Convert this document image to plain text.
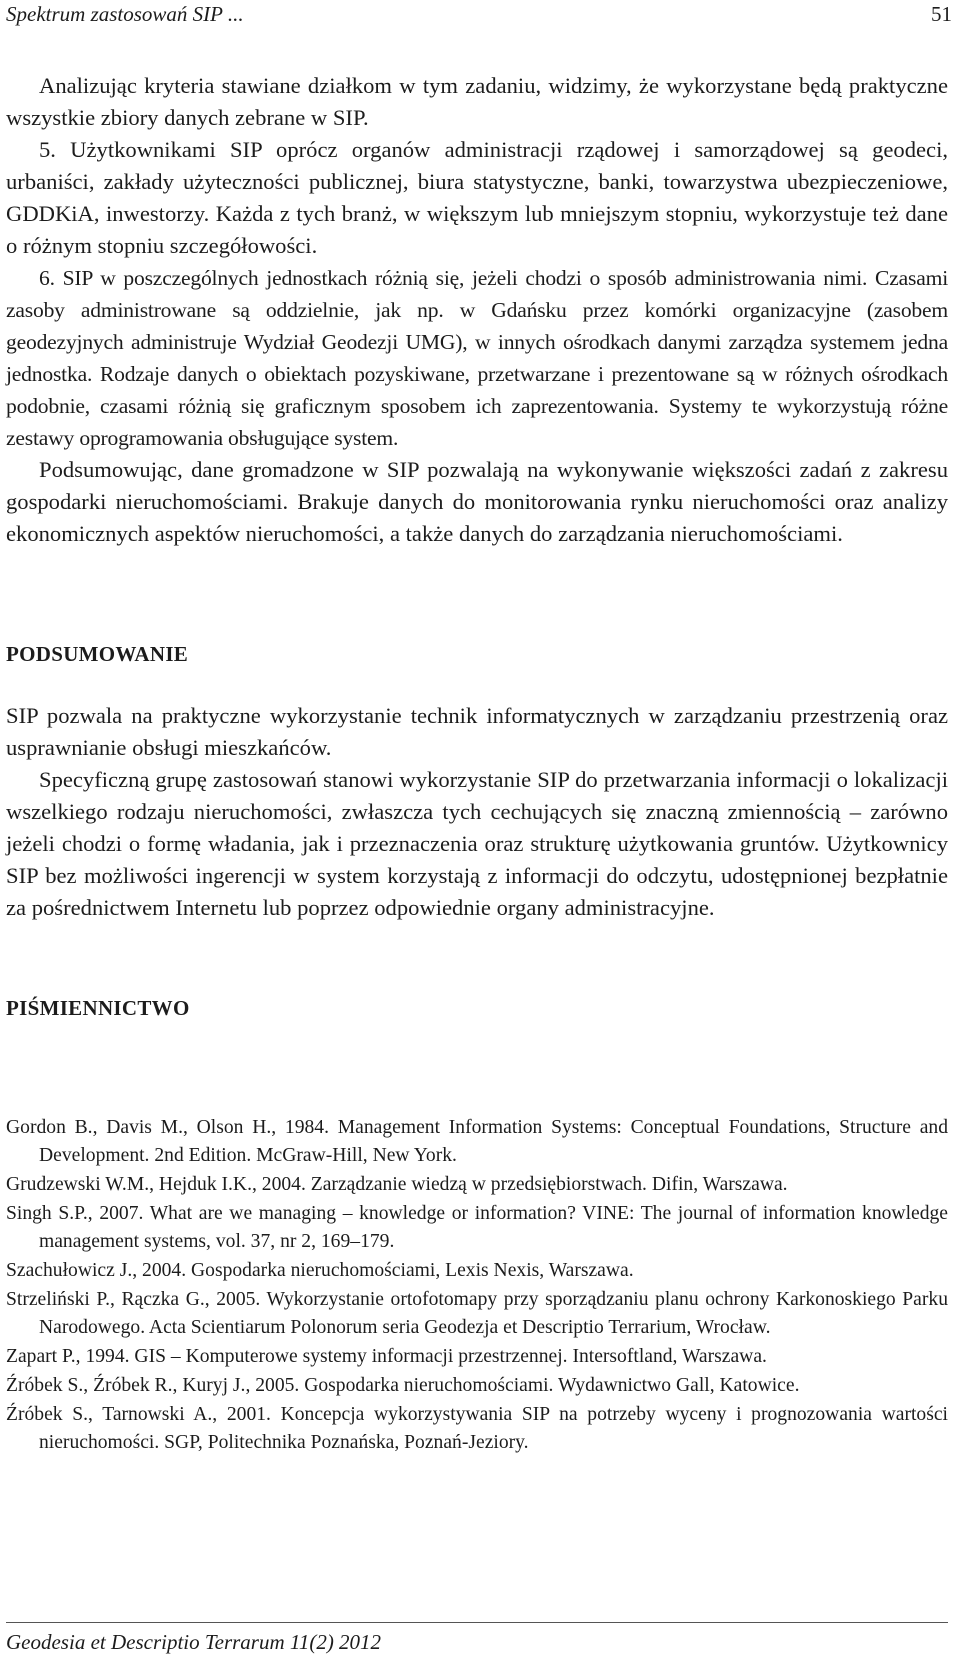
Spektrum zastosowań SIP ...	51

Analizując kryteria stawiane działkom w tym zadaniu, widzimy, że wykorzystane będą praktyczne wszystkie zbiory danych zebrane w SIP.

5. Użytkownikami SIP oprócz organów administracji rządowej i samorządowej są geodeci, urbaniści, zakłady użyteczności publicznej, biura statystyczne, banki, towarzystwa ubezpieczeniowe, GDDKiA, inwestorzy. Każda z tych branż, w większym lub mniejszym stopniu, wykorzystuje też dane o różnym stopniu szczegółowości.

6. SIP w poszczególnych jednostkach różnią się, jeżeli chodzi o sposób administrowania nimi. Czasami zasoby administrowane są oddzielnie, jak np. w Gdańsku przez komórki organizacyjne (zasobem geodezyjnych administruje Wydział Geodezji UMG), w innych ośrodkach danymi zarządza systemem jedna jednostka. Rodzaje danych o obiektach pozyskiwane, przetwarzane i prezentowane są w różnych ośrodkach podobnie, czasami różnią się graficznym sposobem ich zaprezentowania. Systemy te wykorzystują różne zestawy oprogramowania obsługujące system.

Podsumowując, dane gromadzone w SIP pozwalają na wykonywanie większości zadań z zakresu gospodarki nieruchomościami. Brakuje danych do monitorowania rynku nieruchomości oraz analizy ekonomicznych aspektów nieruchomości, a także danych do zarządzania nieruchomościami.

PODSUMOWANIE

SIP pozwala na praktyczne wykorzystanie technik informatycznych w zarządzaniu przestrzenią oraz usprawnianie obsługi mieszkańców.

Specyficzną grupę zastosowań stanowi wykorzystanie SIP do przetwarzania informacji o lokalizacji wszelkiego rodzaju nieruchomości, zwłaszcza tych cechujących się znaczną zmiennością – zarówno jeżeli chodzi o formę władania, jak i przeznaczenia oraz strukturę użytkowania gruntów. Użytkownicy SIP bez możliwości ingerencji w system korzystają z informacji do odczytu, udostępnionej bezpłatnie za pośrednictwem Internetu lub poprzez odpowiednie organy administracyjne.

PIŚMIENNICTWO

Gordon B., Davis M., Olson H., 1984. Management Information Systems: Conceptual Foundations, Structure and Development. 2nd Edition. McGraw-Hill, New York.

Grudzewski W.M., Hejduk I.K., 2004. Zarządzanie wiedzą w przedsiębiorstwach. Difin, Warszawa.

Singh S.P., 2007. What are we managing – knowledge or information? VINE: The journal of information knowledge management systems, vol. 37, nr 2, 169–179.

Szachułowicz J., 2004. Gospodarka nieruchomościami, Lexis Nexis, Warszawa.

Strzeliński P., Rączka G., 2005. Wykorzystanie ortofotomapy przy sporządzaniu planu ochrony Karkonoskiego Parku Narodowego. Acta Scientiarum Polonorum seria Geodezja et Descriptio Terrarium, Wrocław.

Zapart P., 1994. GIS – Komputerowe systemy informacji przestrzennej. Intersoftland, Warszawa.

Źróbek S., Źróbek R., Kuryj J., 2005. Gospodarka nieruchomościami. Wydawnictwo Gall, Katowice.

Źróbek S., Tarnowski A., 2001. Koncepcja wykorzystywania SIP na potrzeby wyceny i prognozowania wartości nieruchomości. SGP, Politechnika Poznańska, Poznań-Jeziory.

Geodesia et Descriptio Terrarum 11(2) 2012
